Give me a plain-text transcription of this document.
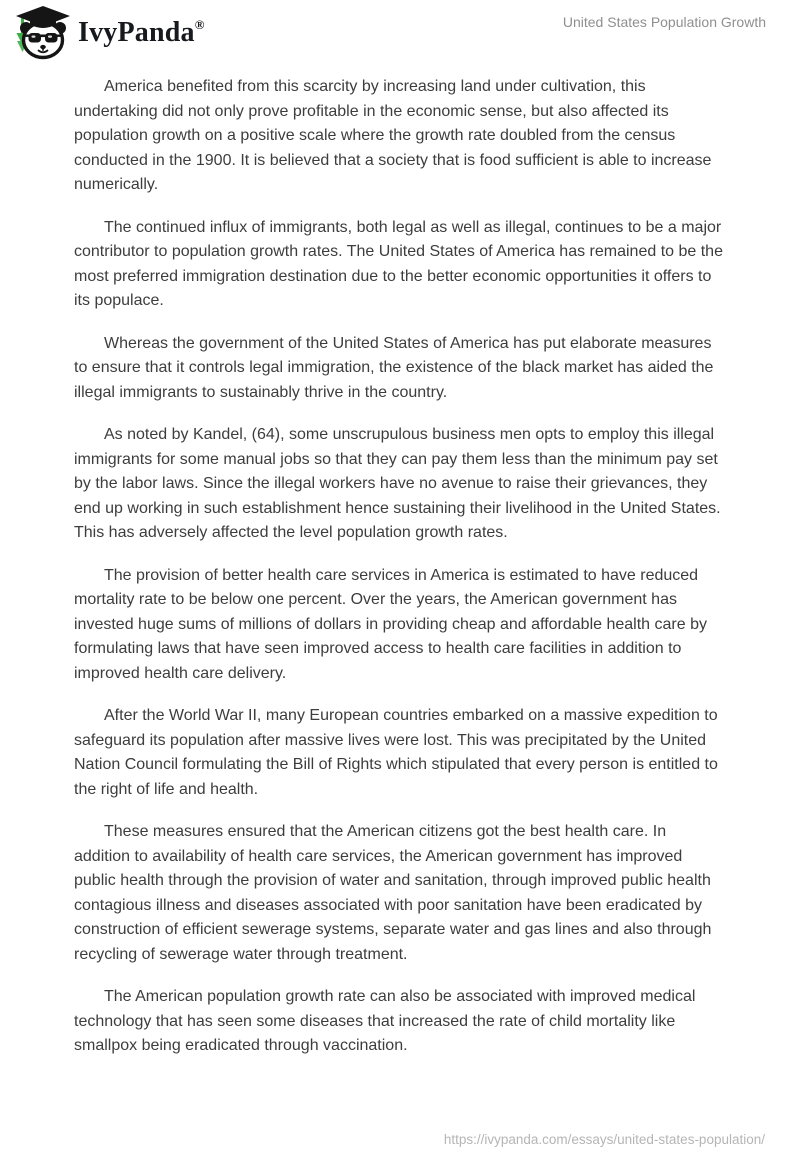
IvyPanda®	United States Population Growth

America benefited from this scarcity by increasing land under cultivation, this undertaking did not only prove profitable in the economic sense, but also affected its population growth on a positive scale where the growth rate doubled from the census conducted in the 1900. It is believed that a society that is food sufficient is able to increase numerically.

The continued influx of immigrants, both legal as well as illegal, continues to be a major contributor to population growth rates. The United States of America has remained to be the most preferred immigration destination due to the better economic opportunities it offers to its populace.

Whereas the government of the United States of America has put elaborate measures to ensure that it controls legal immigration, the existence of the black market has aided the illegal immigrants to sustainably thrive in the country.

As noted by Kandel, (64), some unscrupulous business men opts to employ this illegal immigrants for some manual jobs so that they can pay them less than the minimum pay set by the labor laws. Since the illegal workers have no avenue to raise their grievances, they end up working in such establishment hence sustaining their livelihood in the United States. This has adversely affected the level population growth rates.

The provision of better health care services in America is estimated to have reduced mortality rate to be below one percent. Over the years, the American government has invested huge sums of millions of dollars in providing cheap and affordable health care by formulating laws that have seen improved access to health care facilities in addition to improved health care delivery.

After the World War II, many European countries embarked on a massive expedition to safeguard its population after massive lives were lost. This was precipitated by the United Nation Council formulating the Bill of Rights which stipulated that every person is entitled to the right of life and health.

These measures ensured that the American citizens got the best health care. In addition to availability of health care services, the American government has improved public health through the provision of water and sanitation, through improved public health contagious illness and diseases associated with poor sanitation have been eradicated by construction of efficient sewerage systems, separate water and gas lines and also through recycling of sewerage water through treatment.

The American population growth rate can also be associated with improved medical technology that has seen some diseases that increased the rate of child mortality like smallpox being eradicated through vaccination.

https://ivypanda.com/essays/united-states-population/
